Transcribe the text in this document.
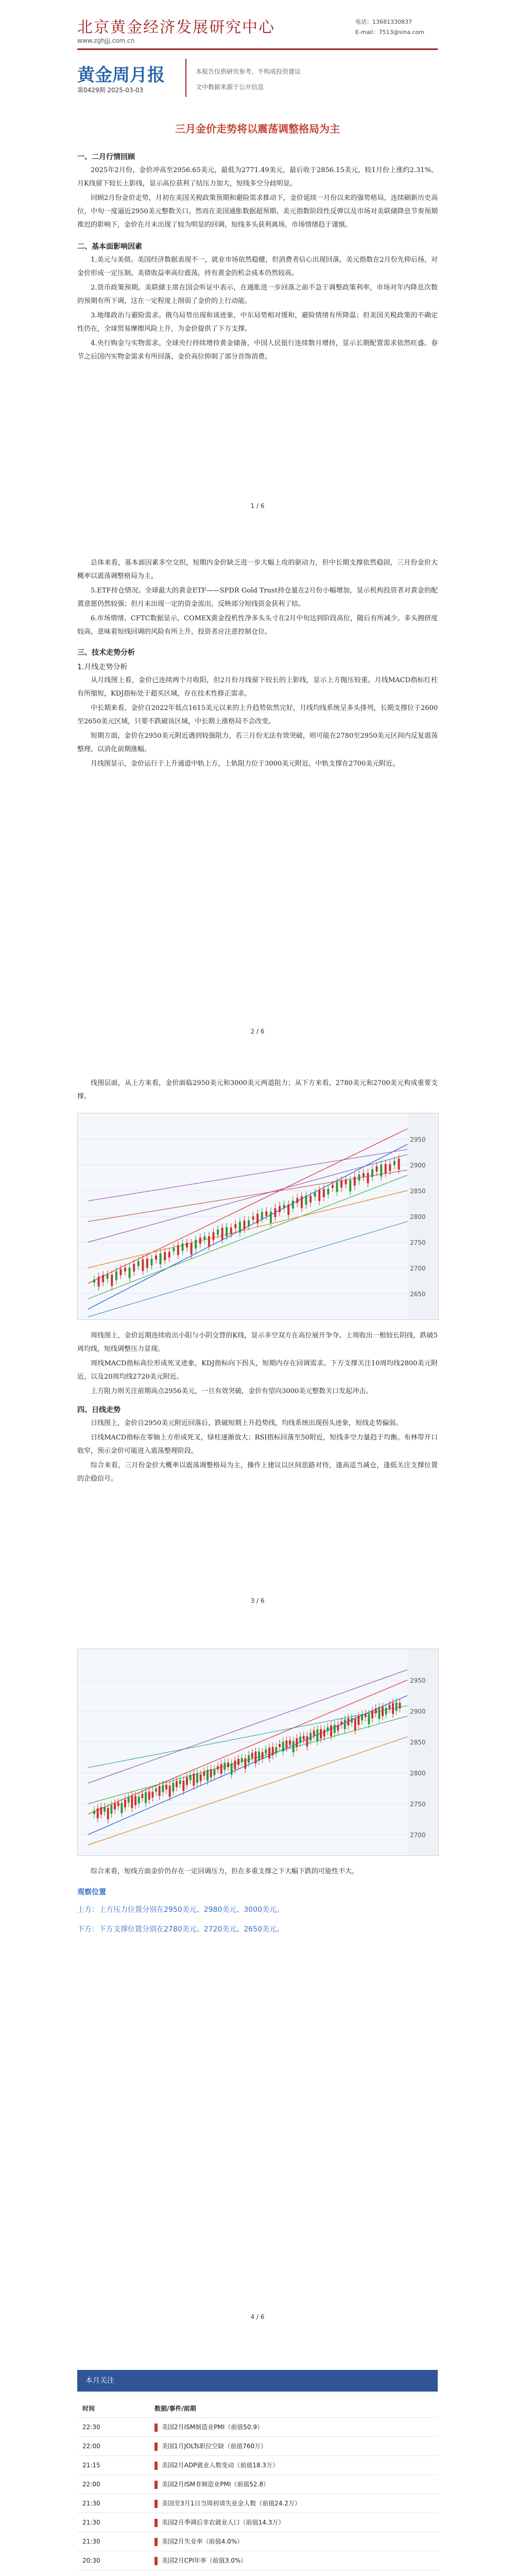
北京黄金经济发展研究中心
www.zghjjj.com.cn
电话：13681330837
E-mail：7513@sina.com
黄金周月报
第0429期 2025-03-03
本报告仅供研究参考，不构成投资建议
文中数据来源于公开信息
三月金价走势将以震荡调整格局为主
一、二月行情回顾

2025年2月份，金价冲高至2956.65美元，最低为2771.49美元，最后收于2856.15美元，较1月份上涨约2.31%。月K线留下较长上影线，显示高位获利了结压力加大，短线多空分歧明显。

回顾2月份金价走势，月初在美国关税政策预期和避险需求推动下，金价延续一月份以来的强势格局，连续刷新历史高位，中旬一度逼近2950美元整数关口。然而在美国通胀数据超预期、美元指数阶段性反弹以及市场对美联储降息节奏预期推迟的影响下，金价在月末出现了较为明显的回调，短线多头获利离场，市场情绪趋于谨慎。

二、基本面影响因素

1.美元与美债。美国经济数据表现不一，就业市场依然稳健，但消费者信心出现回落，美元指数在2月份先抑后扬，对金价形成一定压制。美债收益率高位震荡，持有黄金的机会成本仍然较高。

2.货币政策预期。美联储主席在国会听证中表示，在通胀进一步回落之前不急于调整政策利率，市场对年内降息次数的预期有所下调，这在一定程度上削弱了金价的上行动能。

3.地缘政治与避险需求。俄乌局势出现和谈迹象，中东局势相对缓和，避险情绪有所降温；但美国关税政策的不确定性仍在，全球贸易摩擦风险上升，为金价提供了下方支撑。

4.央行购金与实物需求。全球央行持续增持黄金储备，中国人民银行连续数月增持，显示长期配置需求依然旺盛。春节之后国内实物金需求有所回落，金价高位抑制了部分首饰消费。

1 / 6

总体来看，基本面因素多空交织，短期内金价缺乏进一步大幅上攻的驱动力，但中长期支撑依然稳固，三月份金价大概率以震荡调整格局为主。

5.ETF持仓情况。全球最大的黄金ETF——SPDR Gold Trust持仓量在2月份小幅增加，显示机构投资者对黄金的配置意愿仍然较强；但月末出现一定的资金流出，反映部分短线资金获利了结。

6.市场情绪。CFTC数据显示，COMEX黄金投机性净多头头寸在2月中旬达到阶段高位，随后有所减少。多头拥挤度较高，意味着短线回调的风险有所上升，投资者应注意控制仓位。

三、技术走势分析
1.月线走势分析

从月线图上看，金价已连续两个月收阳，但2月份月线留下较长的上影线，显示上方抛压较重。月线MACD指标红柱有所缩短，KDJ指标处于超买区域，存在技术性修正需求。

中长期来看，金价自2022年低点1615美元以来的上升趋势依然完好，月线均线系统呈多头排列，长期支撑位于2600至2650美元区域，只要不跌破该区域，中长期上涨格局不会改变。

短期方面，金价在2950美元附近遇到较强阻力，若三月份无法有效突破，则可能在2780至2950美元区间内反复震荡整理，以消化前期涨幅。

月线图显示，金价运行于上升通道中轨上方，上轨阻力位于3000美元附近，中轨支撑在2700美元附近。

2 / 6

线图层面，从上方来看，金价面临2950美元和3000美元两道阻力；从下方来看，2780美元和2700美元构成重要支撑。

2950
2900
2850
2800
2750
2700
2650

周线图上，金价近期连续收出小阳与小阴交替的K线，显示多空双方在高位展开争夺。上周收出一根较长阴线，跌破5周均线，短线调整压力显现。

周线MACD指标高位形成死叉迹象，KDJ指标向下拐头，短期内存在回调需求。下方支撑关注10周均线2800美元附近，以及20周均线2720美元附近。

上方阻力则关注前期高点2956美元，一旦有效突破，金价有望向3000美元整数关口发起冲击。

四、日线走势

日线图上，金价自2950美元附近回落后，跌破短期上升趋势线，均线系统出现拐头迹象，短线走势偏弱。

日线MACD指标在零轴上方形成死叉，绿柱逐渐放大；RSI指标回落至50附近，短线多空力量趋于均衡。布林带开口收窄，预示金价可能进入震荡整理阶段。

综合来看，三月份金价大概率以震荡调整格局为主，操作上建议以区间思路对待，逢高适当减仓，逢低关注支撑位置的企稳信号。

3 / 6
2950
2900
2850
2800
2750
2700

综合来看，短线方面金价仍存在一定回调压力，但在多重支撑之下大幅下跌的可能性不大。

观察位置
上方：上方压力位置分别在2950美元、2980美元、3000美元。
下方：下方支撑位置分别在2780美元、2720美元、2650美元。
4 / 6
本月关注
时间	数据/事件/前期
22:30	美国2月ISM制造业PMI（前值50.9）
22:00	美国1月JOLTs职位空缺（前值760万）
21:15	美国2月ADP就业人数变动（前值18.3万）
22:00	美国2月ISM非制造业PMI（前值52.8）
21:30	美国至3月1日当周初请失业金人数（前值24.2万）
21:30	美国2月季调后非农就业人口（前值14.3万）
21:30	美国2月失业率（前值4.0%）
20:30	美国2月CPI年率（前值3.0%）
